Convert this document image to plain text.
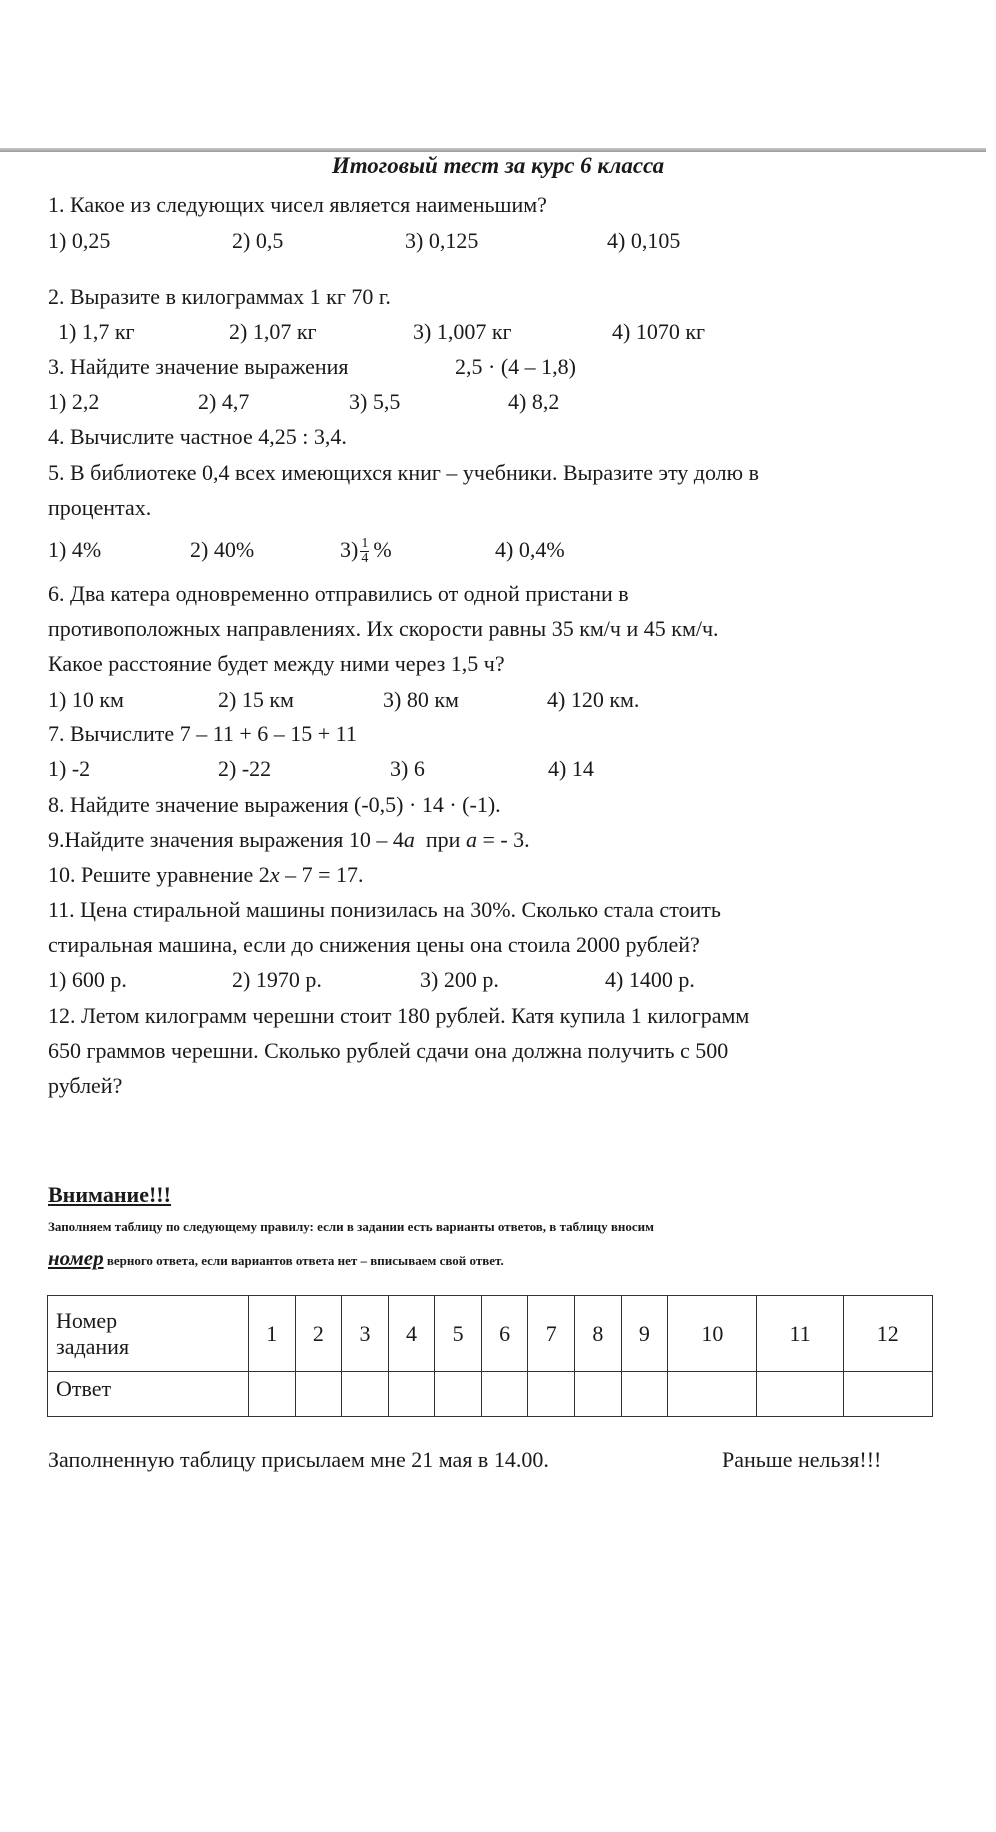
Итоговый тест за курс 6 класса
1. Какое из следующих чисел является наименьшим?
1) 0,25	2) 0,5	3) 0,125	4) 0,105
2. Выразите в килограммах 1 кг 70 г.
1) 1,7 кг	2) 1,07 кг	3) 1,007 кг	4) 1070 кг
3. Найдите значение выражения	2,5 · (4 – 1,8)
1) 2,2	2) 4,7	3) 5,5	4) 8,2
4. Вычислите частное 4,25 : 3,4.
5. В библиотеке 0,4 всех имеющихся книг – учебники. Выразите эту долю в
процентах.
1) 4%	2) 40%	$3) \frac{1}{4}$ %	4) 0,4%
6. Два катера одновременно отправились от одной пристани в
противоположных направлениях. Их скорости равны 35 км/ч и 45 км/ч.
Какое расстояние будет между ними через 1,5 ч?
1) 10 км	2) 15 км	3) 80 км	4) 120 км.
7. Вычислите 7 – 11 + 6 – 15 + 11
1) -2	2) -22	3) 6	4) 14
8. Найдите значение выражения (-0,5) · 14 · (-1).
9.Найдите значения выражения 10 – 4a  при a = - 3.
10. Решите уравнение 2x – 7 = 17.
11. Цена стиральной машины понизилась на 30%. Сколько стала стоить
стиральная машина, если до снижения цены она стоила 2000 рублей?
1) 600 р.	2) 1970 р.	3) 200 р.	4) 1400 р.
12. Летом килограмм черешни стоит 180 рублей. Катя купила 1 килограмм
650 граммов черешни. Сколько рублей сдачи она должна получить с 500
рублей?
Внимание!!!
Заполняем таблицу по следующему правилу: если в задании есть варианты ответов, в таблицу вносим
номер верного ответа, если вариантов ответа нет – вписываем свой ответ.
Номер
задания	1	2	3	4	5	6	7	8	9	10	11	12
Ответ												
Заполненную таблицу присылаем мне 21 мая в 14.00.	Раньше нельзя!!!
